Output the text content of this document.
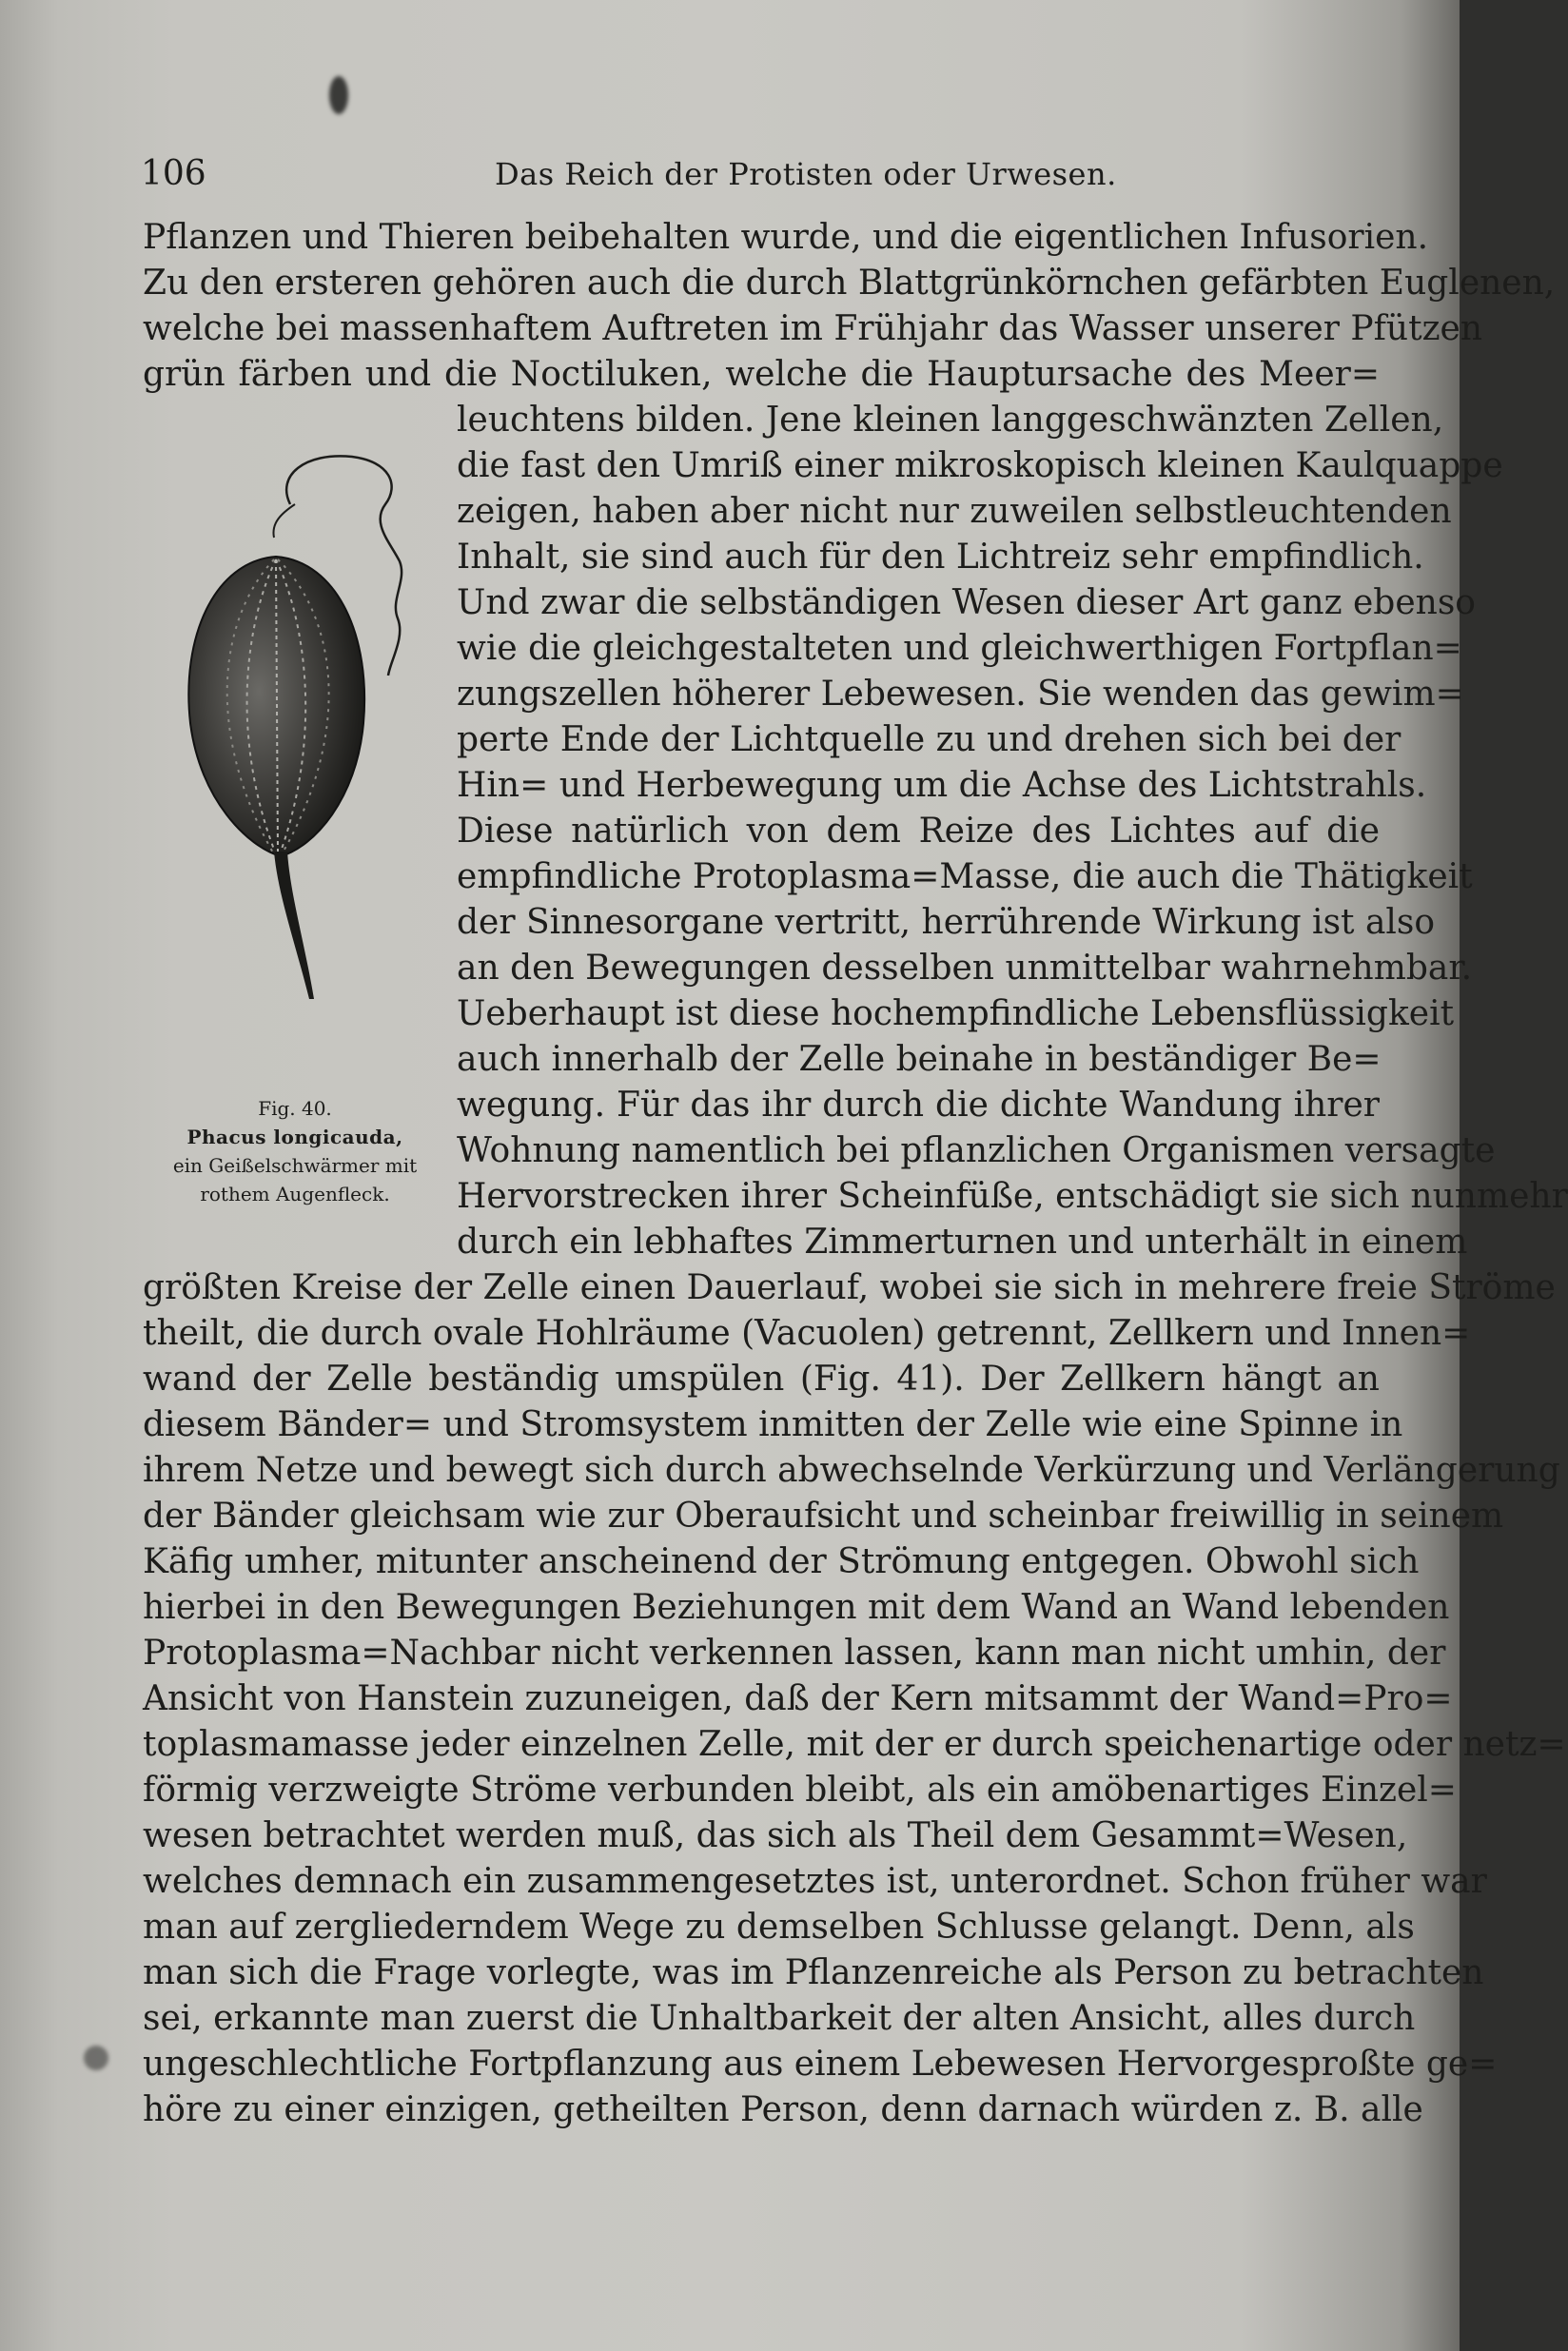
106	Das Reich der Protisten oder Urwesen.
Fig. 40.
Phacus longicauda,
ein Geißelschwärmer mit
rothem Augenfleck.
Pflanzen und Thieren beibehalten wurde, und die eigentlichen Infusorien.
Zu den ersteren gehören auch die durch Blattgrünkörnchen gefärbten Euglenen,
welche bei massenhaftem Auftreten im Frühjahr das Wasser unserer Pfützen
grün färben und die Noctiluken, welche die Hauptursache des Meer=
leuchtens bilden. Jene kleinen langgeschwänzten Zellen,
die fast den Umriß einer mikroskopisch kleinen Kaulquappe
zeigen, haben aber nicht nur zuweilen selbstleuchtenden
Inhalt, sie sind auch für den Lichtreiz sehr empfindlich.
Und zwar die selbständigen Wesen dieser Art ganz ebenso
wie die gleichgestalteten und gleichwerthigen Fortpflan=
zungszellen höherer Lebewesen. Sie wenden das gewim=
perte Ende der Lichtquelle zu und drehen sich bei der
Hin= und Herbewegung um die Achse des Lichtstrahls.
Diese natürlich von dem Reize des Lichtes auf die
empfindliche Protoplasma=Masse, die auch die Thätigkeit
der Sinnesorgane vertritt, herrührende Wirkung ist also
an den Bewegungen desselben unmittelbar wahrnehmbar.
Ueberhaupt ist diese hochempfindliche Lebensflüssigkeit
auch innerhalb der Zelle beinahe in beständiger Be=
wegung. Für das ihr durch die dichte Wandung ihrer
Wohnung namentlich bei pflanzlichen Organismen versagte
Hervorstrecken ihrer Scheinfüße, entschädigt sie sich nunmehr
durch ein lebhaftes Zimmerturnen und unterhält in einem
größten Kreise der Zelle einen Dauerlauf, wobei sie sich in mehrere freie Ströme
theilt, die durch ovale Hohlräume (Vacuolen) getrennt, Zellkern und Innen=
wand der Zelle beständig umspülen (Fig. 41). Der Zellkern hängt an
diesem Bänder= und Stromsystem inmitten der Zelle wie eine Spinne in
ihrem Netze und bewegt sich durch abwechselnde Verkürzung und Verlängerung
der Bänder gleichsam wie zur Oberaufsicht und scheinbar freiwillig in seinem
Käfig umher, mitunter anscheinend der Strömung entgegen. Obwohl sich
hierbei in den Bewegungen Beziehungen mit dem Wand an Wand lebenden
Protoplasma=Nachbar nicht verkennen lassen, kann man nicht umhin, der
Ansicht von Hanstein zuzuneigen, daß der Kern mitsammt der Wand=Pro=
toplasmamasse jeder einzelnen Zelle, mit der er durch speichenartige oder netz=
förmig verzweigte Ströme verbunden bleibt, als ein amöbenartiges Einzel=
wesen betrachtet werden muß, das sich als Theil dem Gesammt=Wesen,
welches demnach ein zusammengesetztes ist, unterordnet. Schon früher war
man auf zergliederndem Wege zu demselben Schlusse gelangt. Denn, als
man sich die Frage vorlegte, was im Pflanzenreiche als Person zu betrachten
sei, erkannte man zuerst die Unhaltbarkeit der alten Ansicht, alles durch
ungeschlechtliche Fortpflanzung aus einem Lebewesen Hervorgesproßte ge=
höre zu einer einzigen, getheilten Person, denn darnach würden z. B. alle
